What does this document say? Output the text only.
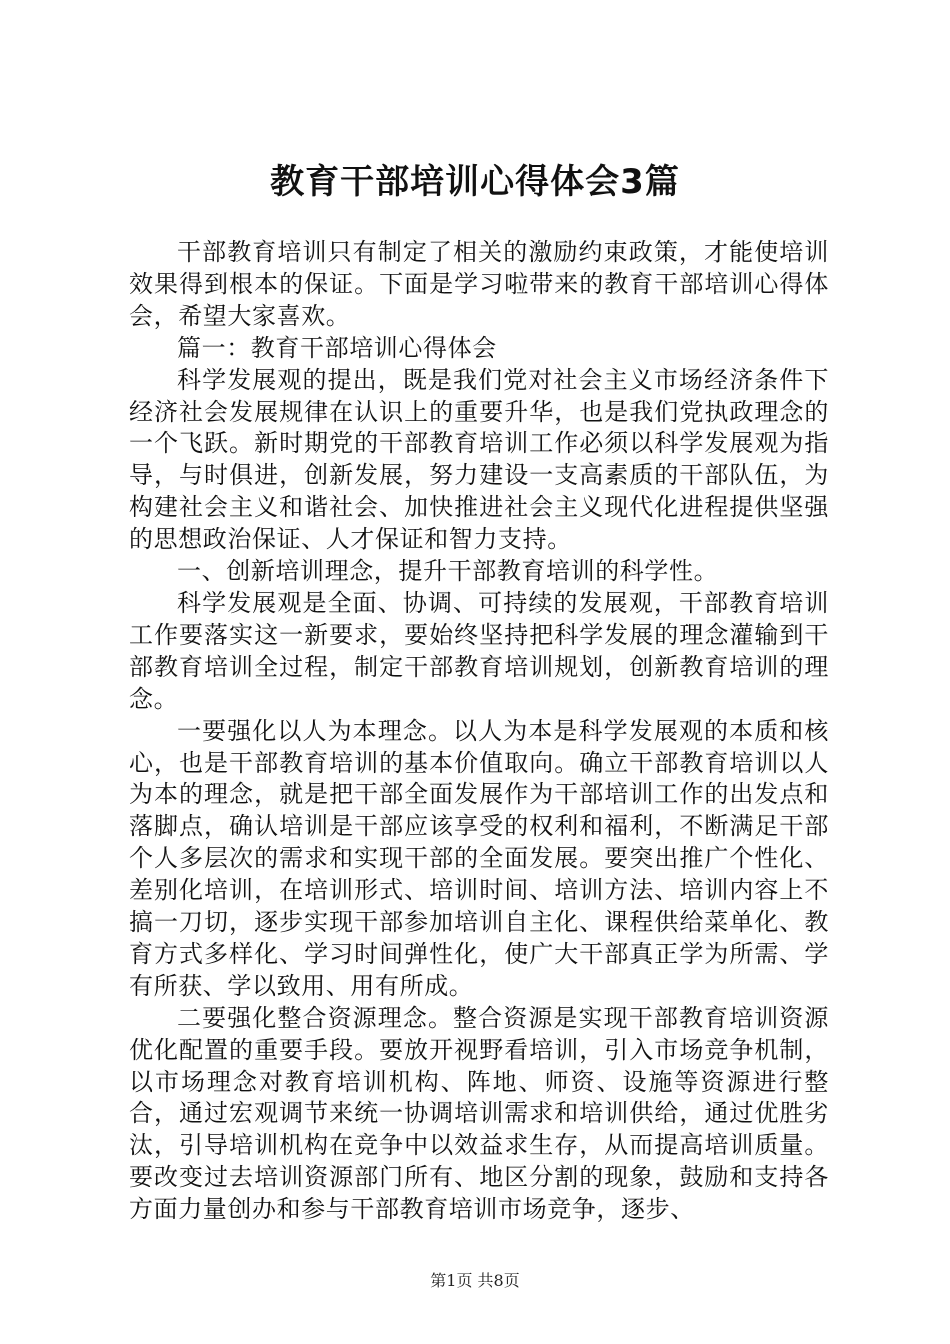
教育干部培训心得体会3篇

干部教育培训只有制定了相关的激励约束政策，才能使培训效果得到根本的保证。下面是学习啦带来的教育干部培训心得体会，希望大家喜欢。

篇一：教育干部培训心得体会

科学发展观的提出，既是我们党对社会主义市场经济条件下经济社会发展规律在认识上的重要升华，也是我们党执政理念的一个飞跃。新时期党的干部教育培训工作必须以科学发展观为指导，与时俱进，创新发展，努力建设一支高素质的干部队伍，为构建社会主义和谐社会、加快推进社会主义现代化进程提供坚强的思想政治保证、人才保证和智力支持。

一、创新培训理念，提升干部教育培训的科学性。

科学发展观是全面、协调、可持续的发展观，干部教育培训工作要落实这一新要求，要始终坚持把科学发展的理念灌输到干部教育培训全过程，制定干部教育培训规划，创新教育培训的理念。

一要强化以人为本理念。以人为本是科学发展观的本质和核心，也是干部教育培训的基本价值取向。确立干部教育培训以人为本的理念，就是把干部全面发展作为干部培训工作的出发点和落脚点，确认培训是干部应该享受的权利和福利，不断满足干部个人多层次的需求和实现干部的全面发展。要突出推广个性化、差别化培训，在培训形式、培训时间、培训方法、培训内容上不搞一刀切，逐步实现干部参加培训自主化、课程供给菜单化、教育方式多样化、学习时间弹性化，使广大干部真正学为所需、学有所获、学以致用、用有所成。

二要强化整合资源理念。整合资源是实现干部教育培训资源优化配置的重要手段。要放开视野看培训，引入市场竞争机制，以市场理念对教育培训机构、阵地、师资、设施等资源进行整合，通过宏观调节来统一协调培训需求和培训供给，通过优胜劣汰，引导培训机构在竞争中以效益求生存，从而提高培训质量。要改变过去培训资源部门所有、地区分割的现象，鼓励和支持各方面力量创办和参与干部教育培训市场竞争，逐步、

第1页 共8页
